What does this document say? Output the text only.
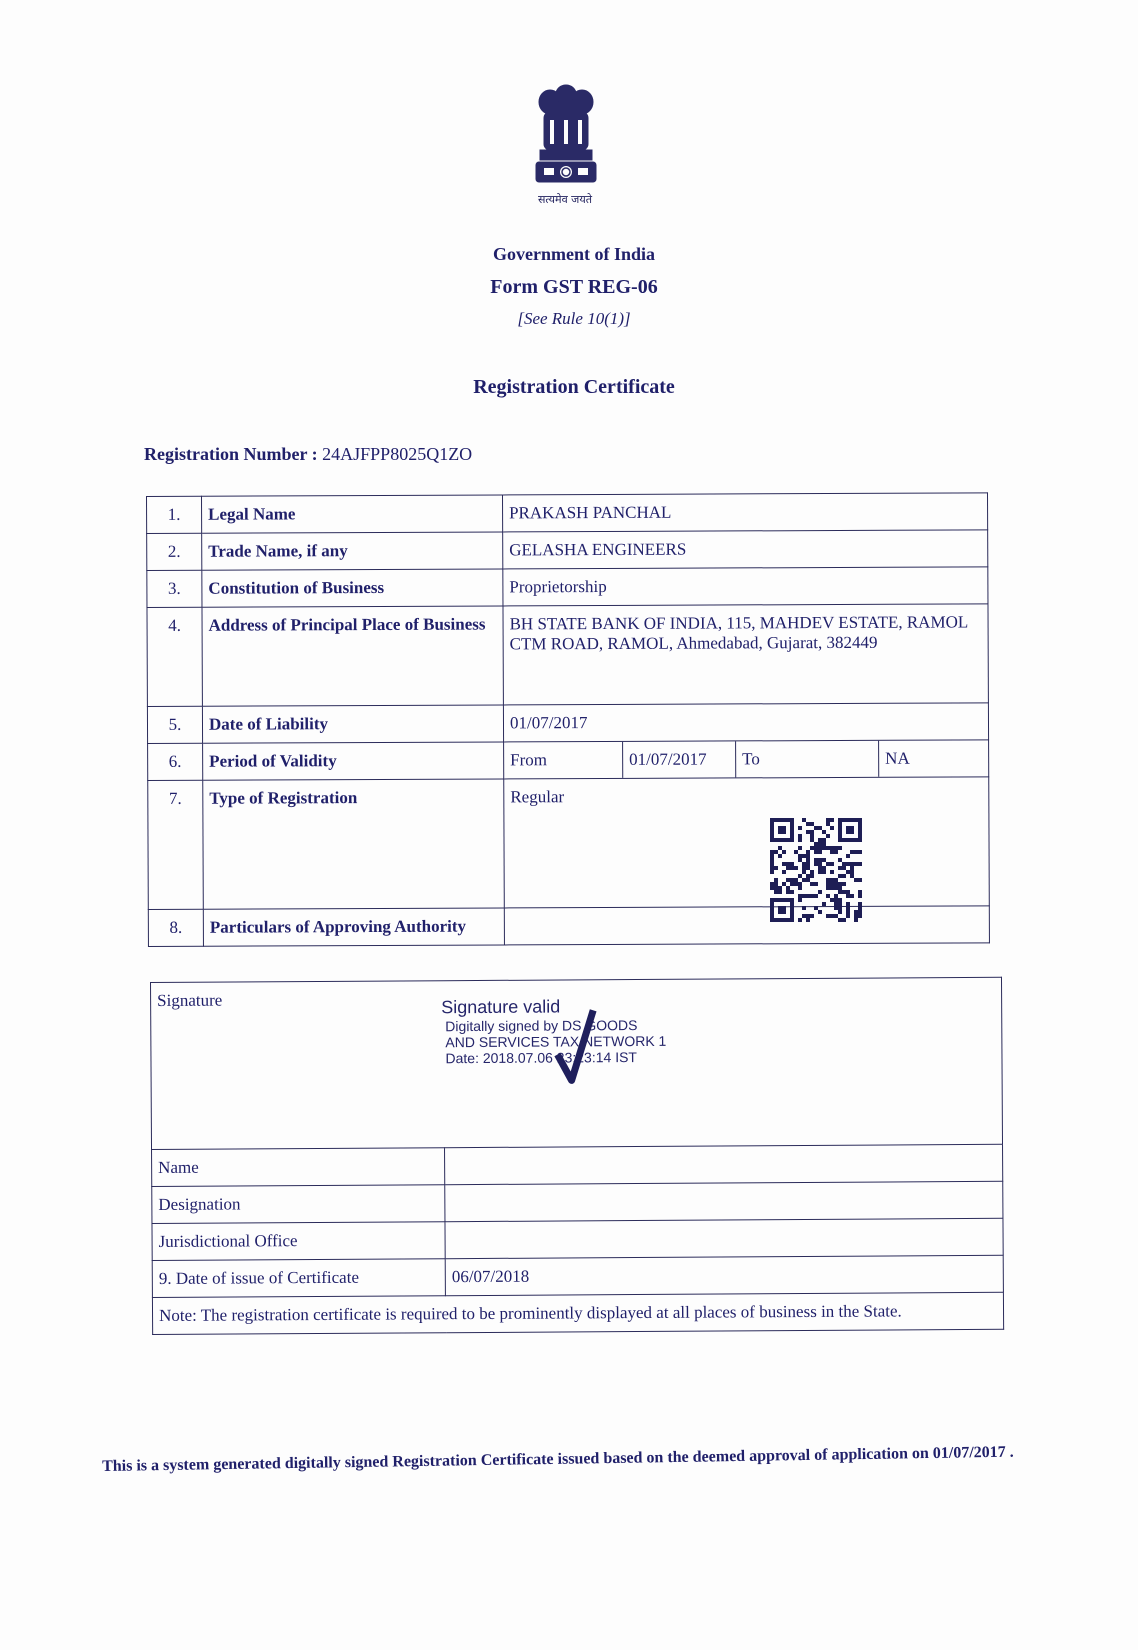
सत्यमेव जयते
Government of India
Form GST REG-06
[See Rule 10(1)]
Registration Certificate
Registration Number : 24AJFPP8025Q1ZO
1.	Legal Name	PRAKASH PANCHAL
2.	Trade Name, if any	GELASHA ENGINEERS
3.	Constitution of Business	Proprietorship
4.	Address of Principal Place of Business	BH STATE BANK OF INDIA, 115, MAHDEV ESTATE, RAMOL CTM ROAD, RAMOL, Ahmedabad, Gujarat, 382449
5.	Date of Liability	01/07/2017
6.	Period of Validity		From	01/07/2017	To	NA

7.	Type of Registration	Regular
8.	Particulars of Approving Authority	
Signature Signature valid
Digitally signed by DS GOODS
AND SERVICES TAX NETWORK 1
Date: 2018.07.06 23:23:14 IST	

Name	
Designation	
Jurisdictional Office	
9. Date of issue of Certificate	06/07/2018
Note: The registration certificate is required to be prominently displayed at all places of business in the State.	
This is a system generated digitally signed Registration Certificate issued based on the deemed approval of application on 01/07/2017 .
